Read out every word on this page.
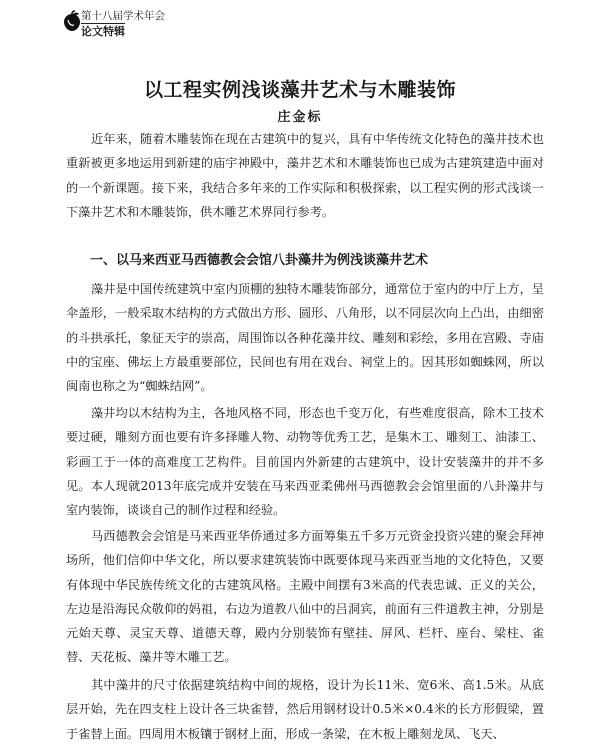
第十八届学术年会
论文特辑
以工程实例浅谈藻井艺术与木雕装饰
庄金标

近年来，随着木雕装饰在现在古建筑中的复兴，具有中华传统文化特色的藻井技术也重新被更多地运用到新建的庙宇神殿中，藻井艺术和木雕装饰也已成为古建筑建造中面对的一个新课题。接下来，我结合多年来的工作实际和积极探索，以工程实例的形式浅谈一下藻井艺术和木雕装饰，供木雕艺术界同行参考。

一、以马来西亚马西德教会会馆八卦藻井为例浅谈藻井艺术

藻井是中国传统建筑中室内顶棚的独特木雕装饰部分，通常位于室内的中厅上方，呈伞盖形，一般采取木结构的方式做出方形、圆形、八角形，以不同层次向上凸出，由细密的斗拱承托，象征天宇的崇高，周围饰以各种花藻井纹、雕刻和彩绘，多用在宫殿、寺庙中的宝座、佛坛上方最重要部位，民间也有用在戏台、祠堂上的。因其形如蜘蛛网，所以闽南也称之为“蜘蛛结网”。

藻井均以木结构为主，各地风格不同，形态也千变万化，有些难度很高，除木工技术要过硬，雕刻方面也要有许多择雕人物、动物等优秀工艺，是集木工、雕刻工、油漆工、彩画工于一体的高难度工艺构件。目前国内外新建的古建筑中，设计安装藻井的并不多见。本人现就2013年底完成并安装在马来西亚柔佛州马西德教会会馆里面的八卦藻井与室内装饰，谈谈自己的制作过程和经验。

马西德教会会馆是马来西亚华侨通过多方面筹集五千多万元资金投资兴建的聚会拜神场所，他们信仰中华文化，所以要求建筑装饰中既要体现马来西亚当地的文化特色，又要有体现中华民族传统文化的古建筑风格。主殿中间摆有3米高的代表忠诚、正义的关公，左边是沿海民众敬仰的妈祖，右边为道教八仙中的吕洞宾，前面有三件道教主神，分别是元始天尊、灵宝天尊、道德天尊，殿内分别装饰有壁挂、屏风、栏杆、座台、梁柱、雀替、天花板、藻井等木雕工艺。

其中藻井的尺寸依据建筑结构中间的规格，设计为长11米、宽6米、高1.5米。从底层开始，先在四支柱上设计各三块雀替，然后用钢材设计0.5米×0.4米的长方形假梁，置于雀替上面。四周用木板镶于钢材上面，形成一条梁，在木板上雕刻龙凤、飞天、
